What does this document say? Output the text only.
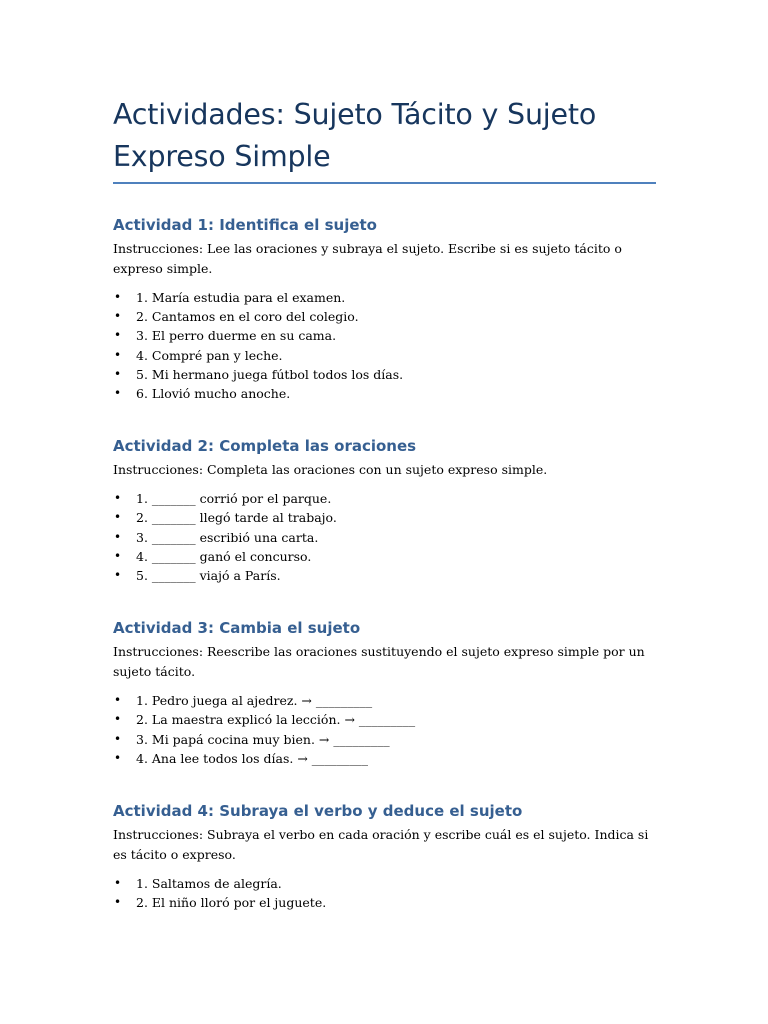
Actividades: Sujeto Tácito y Sujeto
Expreso Simple
Actividad 1: Identifica el sujeto

Instrucciones: Lee las oraciones y subraya el sujeto. Escribe si es sujeto tácito o expreso simple.

• 1. María estudia para el examen.
• 2. Cantamos en el coro del colegio.
• 3. El perro duerme en su cama.
• 4. Compré pan y leche.
• 5. Mi hermano juega fútbol todos los días.
• 6. Llovió mucho anoche.
Actividad 2: Completa las oraciones

Instrucciones: Completa las oraciones con un sujeto expreso simple.

• 1. _______ corrió por el parque.
• 2. _______ llegó tarde al trabajo.
• 3. _______ escribió una carta.
• 4. _______ ganó el concurso.
• 5. _______ viajó a París.
Actividad 3: Cambia el sujeto

Instrucciones: Reescribe las oraciones sustituyendo el sujeto expreso simple por un sujeto tácito.

• 1. Pedro juega al ajedrez. → _________
• 2. La maestra explicó la lección. → _________
• 3. Mi papá cocina muy bien. → _________
• 4. Ana lee todos los días. → _________
Actividad 4: Subraya el verbo y deduce el sujeto

Instrucciones: Subraya el verbo en cada oración y escribe cuál es el sujeto. Indica si es tácito o expreso.

• 1. Saltamos de alegría.
• 2. El niño lloró por el juguete.
